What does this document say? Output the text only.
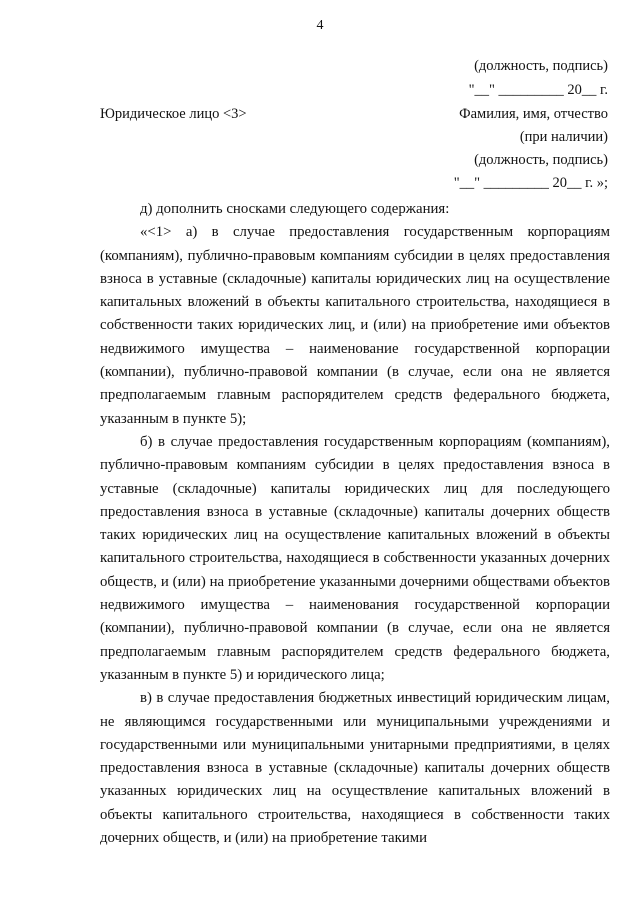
4
(должность, подпись)
"__" _________ 20__ г.
Юридическое лицо <3>	Фамилия, имя, отчество
(при наличии)
(должность, подпись)
"__" _________ 20__ г. »;

д) дополнить сносками следующего содержания:

«<1> а) в случае предоставления государственным корпорациям (компаниям), публично-правовым компаниям субсидии в целях предоставления взноса в уставные (складочные) капиталы юридических лиц на осуществление капитальных вложений в объекты капитального строительства, находящиеся в собственности таких юридических лиц, и (или) на приобретение ими объектов недвижимого имущества – наименование государственной корпорации (компании), публично-правовой компании (в случае, если она не является предполагаемым главным распорядителем средств федерального бюджета, указанным в пункте 5);

б) в случае предоставления государственным корпорациям (компаниям), публично-правовым компаниям субсидии в целях предоставления взноса в уставные (складочные) капиталы юридических лиц для последующего предоставления взноса в уставные (складочные) капиталы дочерних обществ таких юридических лиц на осуществление капитальных вложений в объекты капитального строительства, находящиеся в собственности указанных дочерних обществ, и (или) на приобретение указанными дочерними обществами объектов недвижимого имущества – наименования государственной корпорации (компании), публично-правовой компании (в случае, если она не является предполагаемым главным распорядителем средств федерального бюджета, указанным в пункте 5) и юридического лица;

в) в случае предоставления бюджетных инвестиций юридическим лицам, не являющимся государственными или муниципальными учреждениями и государственными или муниципальными унитарными предприятиями, в целях предоставления взноса в уставные (складочные) капиталы дочерних обществ указанных юридических лиц на осуществление капитальных вложений в объекты капитального строительства, находящиеся в собственности таких дочерних обществ, и (или) на приобретение такими
